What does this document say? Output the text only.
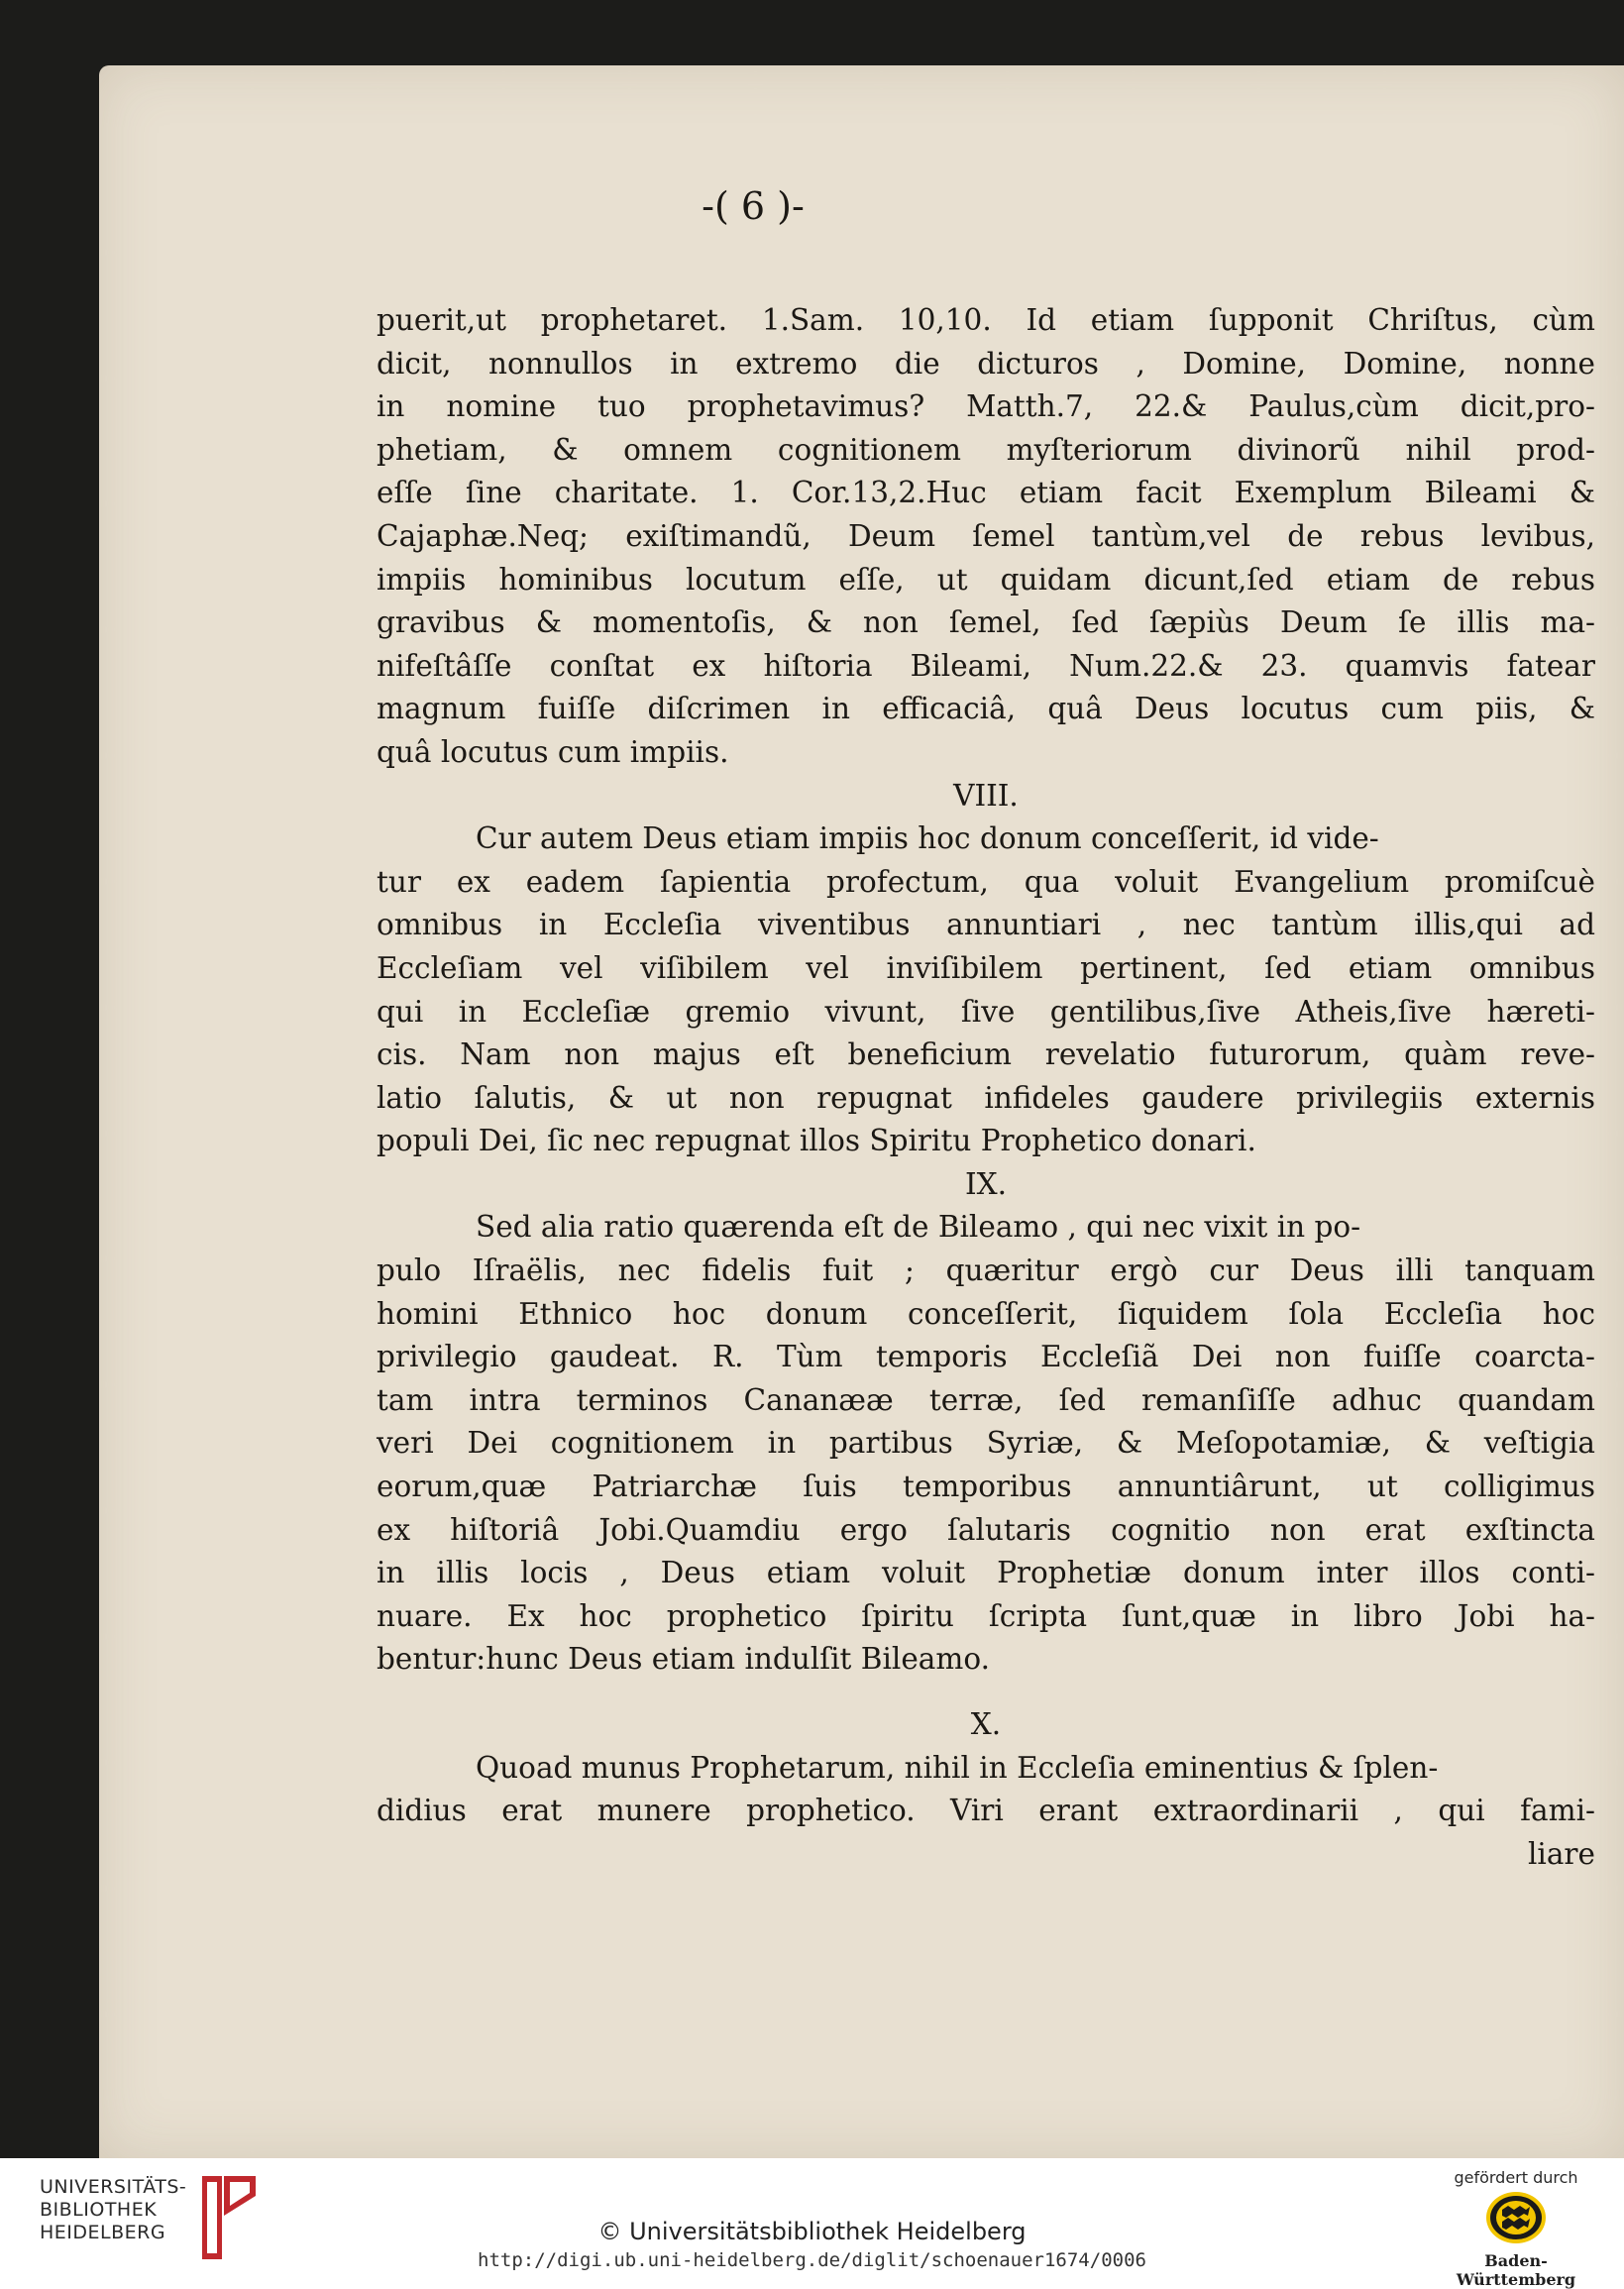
-( 6 )-
puerit,ut prophetaret. 1.Sam. 10,10. Id etiam ſupponit Chriſtus, cùm
dicit, nonnullos in extremo die dicturos , Domine, Domine, nonne
in nomine tuo prophetavimus? Matth.7, 22.& Paulus,cùm dicit,pro-
phetiam, & omnem cognitionem myſteriorum divinorũ nihil prod-
eſſe ſine charitate. 1. Cor.13,2.Huc etiam facit Exemplum Bileami &
Cajaphæ.Neq; exiſtimandũ, Deum ſemel tantùm,vel de rebus levibus,
impiis hominibus locutum eſſe, ut quidam dicunt,ſed etiam de rebus
gravibus & momentoſis, & non ſemel, ſed ſæpiùs Deum ſe illis ma-
nifeſtâſſe conſtat ex hiſtoria Bileami, Num.22.& 23. quamvis fatear
magnum fuiſſe diſcrimen in efficaciâ, quâ Deus locutus cum piis, &
quâ locutus cum impiis.
VIII.
Cur autem Deus etiam impiis hoc donum conceſſerit, id vide-
tur ex eadem ſapientia profectum, qua voluit Evangelium promiſcuè
omnibus in Eccleſia viventibus annuntiari , nec tantùm illis,qui ad
Eccleſiam vel viſibilem vel inviſibilem pertinent, ſed etiam omnibus
qui in Eccleſiæ gremio vivunt, ſive gentilibus,ſive Atheis,ſive hæreti-
cis. Nam non majus eſt beneficium revelatio futurorum, quàm reve-
latio ſalutis, & ut non repugnat infideles gaudere privilegiis externis
populi Dei, ſic nec repugnat illos Spiritu Prophetico donari.
IX.
Sed alia ratio quærenda eſt de Bileamo , qui nec vixit in po-
pulo Iſraëlis, nec fidelis fuit ; quæritur ergò cur Deus illi tanquam
homini Ethnico hoc donum conceſſerit, ſiquidem ſola Eccleſia hoc
privilegio gaudeat. R. Tùm temporis Eccleſiã Dei non fuiſſe coarcta-
tam intra terminos Cananææ terræ, ſed remanſiſſe adhuc quandam
veri Dei cognitionem in partibus Syriæ, & Meſopotamiæ, & veſtigia
eorum,quæ Patriarchæ ſuis temporibus annuntiârunt, ut colligimus
ex hiſtoriâ Jobi.Quamdiu ergo ſalutaris cognitio non erat exſtincta
in illis locis , Deus etiam voluit Prophetiæ donum inter illos conti-
nuare. Ex hoc prophetico ſpiritu ſcripta ſunt,quæ in libro Jobi ha-
bentur:hunc Deus etiam indulſit Bileamo.
X.
Quoad munus Prophetarum, nihil in Eccleſia eminentius & ſplen-
didius erat munere prophetico. Viri erant extraordinarii , qui fami-
liare
UNIVERSITÄTS-
BIBLIOTHEK
HEIDELBERG	© Universitätsbibliothek Heidelberg
http://digi.ub.uni-heidelberg.de/diglit/schoenauer1674/0006
gefördert durch
Baden-Württemberg
